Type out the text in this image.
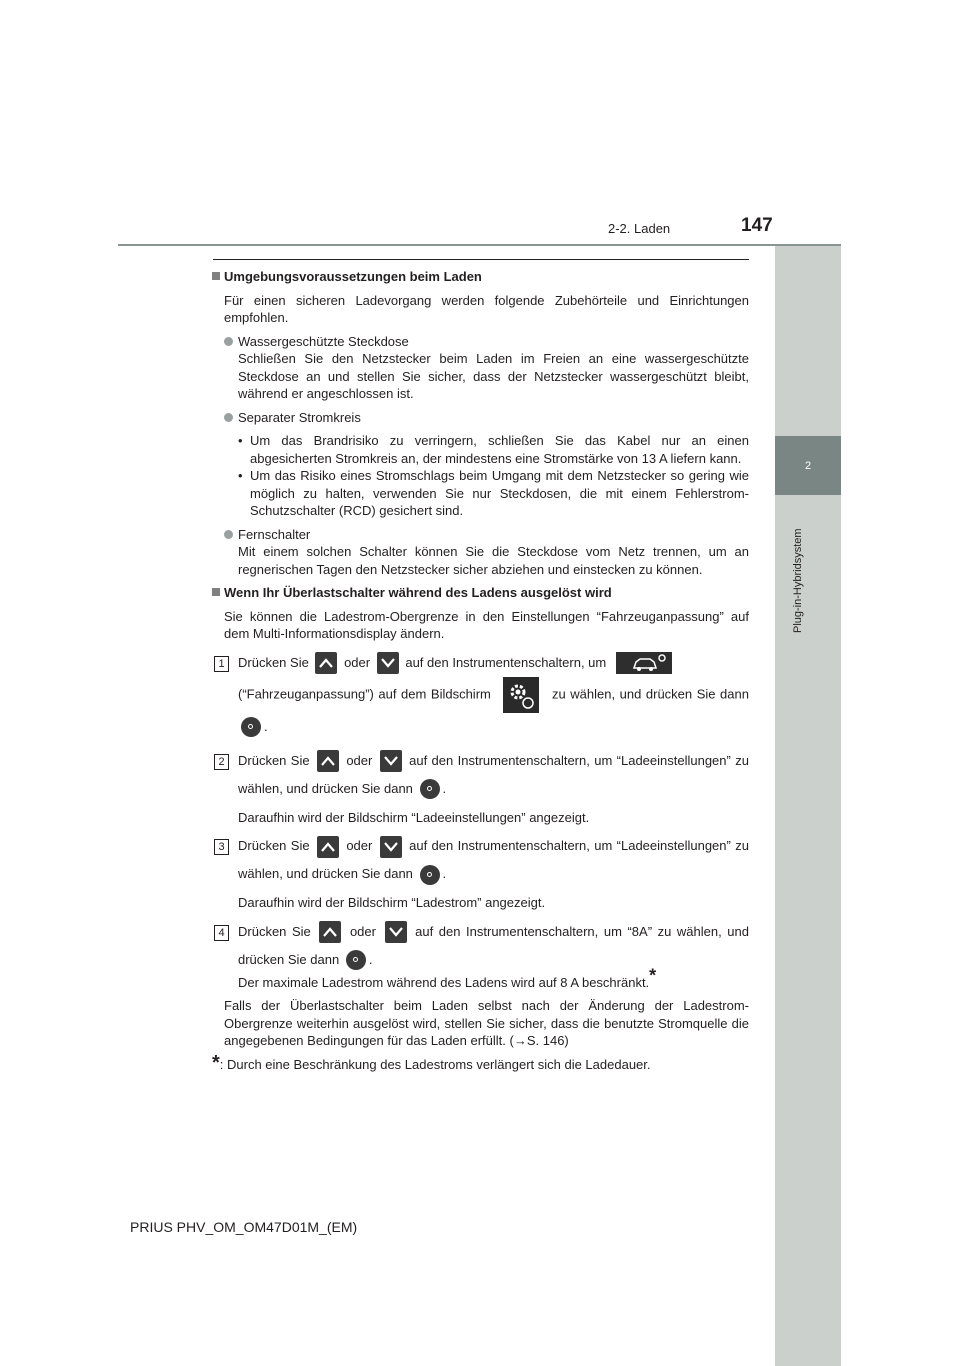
2-2. Laden	147
2
Plug-in-Hybridsystem

Umgebungsvoraussetzungen beim Laden

Für einen sicheren Ladevorgang werden folgende Zubehörteile und Einrichtungen empfohlen.

Wassergeschützte Steckdose

Schließen Sie den Netzstecker beim Laden im Freien an eine wassergeschützte Steckdose an und stellen Sie sicher, dass der Netzstecker wassergeschützt bleibt, während er angeschlossen ist.

Separater Stromkreis

• Um das Brandrisiko zu verringern, schließen Sie das Kabel nur an einen abgesicherten Stromkreis an, der mindestens eine Stromstärke von 13 A liefern kann.

• Um das Risiko eines Stromschlags beim Umgang mit dem Netzstecker so gering wie möglich zu halten, verwenden Sie nur Steckdosen, die mit einem Fehlerstrom-Schutzschalter (RCD) gesichert sind.

Fernschalter

Mit einem solchen Schalter können Sie die Steckdose vom Netz trennen, um an regnerischen Tagen den Netzstecker sicher abziehen und einstecken zu können.

Wenn Ihr Überlastschalter während des Ladens ausgelöst wird

Sie können die Ladestrom-Obergrenze in den Einstellungen “Fahrzeuganpassung” auf dem Multi-Informationsdisplay ändern.

1	Drücken Sie	oder	auf den Instrumentenschaltern, um
(“Fahrzeuganpassung”) auf dem Bildschirm	zu wählen, und drücken Sie dann .
2	Drücken Sie	oder	auf den Instrumentenschaltern, um “Ladeeinstellungen” zu wählen, und drücken Sie dann .

Daraufhin wird der Bildschirm “Ladeeinstellungen” angezeigt.

3	Drücken Sie	oder	auf den Instrumentenschaltern, um “Ladeeinstellungen” zu wählen, und drücken Sie dann .

Daraufhin wird der Bildschirm “Ladestrom” angezeigt.

4	Drücken Sie	oder	auf den Instrumentenschaltern, um “8A” zu wählen, und drücken Sie dann .

Der maximale Ladestrom während des Ladens wird auf 8 A beschränkt.*

Falls der Überlastschalter beim Laden selbst nach der Änderung der Ladestrom-Obergrenze weiterhin ausgelöst wird, stellen Sie sicher, dass die benutzte Stromquelle die angegebenen Bedingungen für das Laden erfüllt. (→S. 146)

*: Durch eine Beschränkung des Ladestroms verlängert sich die Ladedauer.

PRIUS PHV_OM_OM47D01M_(EM)
